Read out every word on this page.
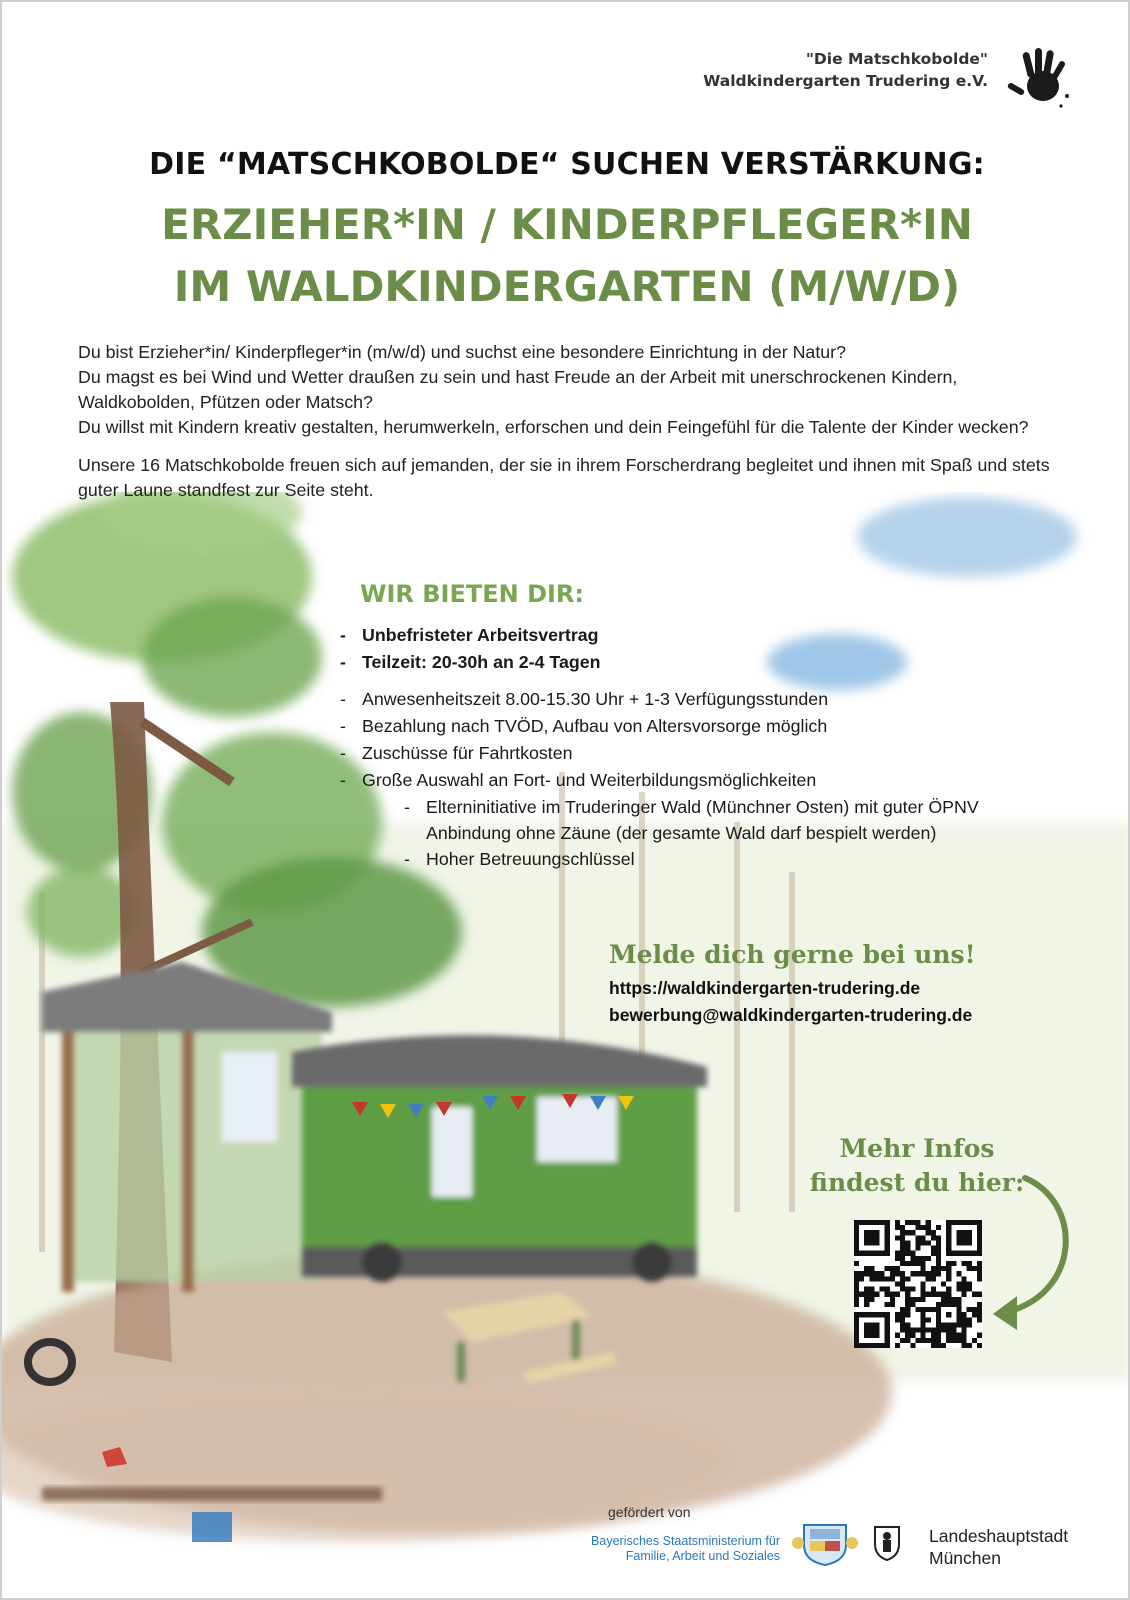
"Die Matschkobolde"
Waldkindergarten Trudering e.V.
DIE “MATSCHKOBOLDE“ SUCHEN VERSTÄRKUNG:
ERZIEHER*IN / KINDERPFLEGER*IN
IM WALDKINDERGARTEN (M/W/D)

Du bist Erzieher*in/ Kinderpfleger*in (m/w/d) und suchst eine besondere Einrichtung in der Natur?

Du magst es bei Wind und Wetter draußen zu sein und hast Freude an der Arbeit mit unerschrockenen Kindern, Waldkobolden, Pfützen oder Matsch?

Du willst mit Kindern kreativ gestalten, herumwerkeln, erforschen und dein Feingefühl für die Talente der Kinder wecken?

Unsere 16 Matschkobolde freuen sich auf jemanden, der sie in ihrem Forscherdrang begleitet und ihnen mit Spaß und stets guter Laune standfest zur Seite steht.

WIR BIETEN DIR:
- Unbefristeter Arbeitsvertrag
- Teilzeit: 20-30h an 2-4 Tagen
- Anwesenheitszeit 8.00-15.30 Uhr + 1-3 Verfügungsstunden
- Bezahlung nach TVÖD, Aufbau von Altersvorsorge möglich
- Zuschüsse für Fahrtkosten
- Große Auswahl an Fort- und Weiterbildungsmöglichkeiten
- Elterninitiative im Truderinger Wald (Münchner Osten) mit guter ÖPNV Anbindung ohne Zäune (der gesamte Wald darf bespielt werden)
- Hoher Betreuungschlüssel
Melde dich gerne bei uns!
https://waldkindergarten-trudering.de
bewerbung@waldkindergarten-trudering.de
Mehr Infos
findest du hier:
gefördert von
Bayerisches Staatsministerium für
Familie, Arbeit und Soziales
Landeshauptstadt
München
